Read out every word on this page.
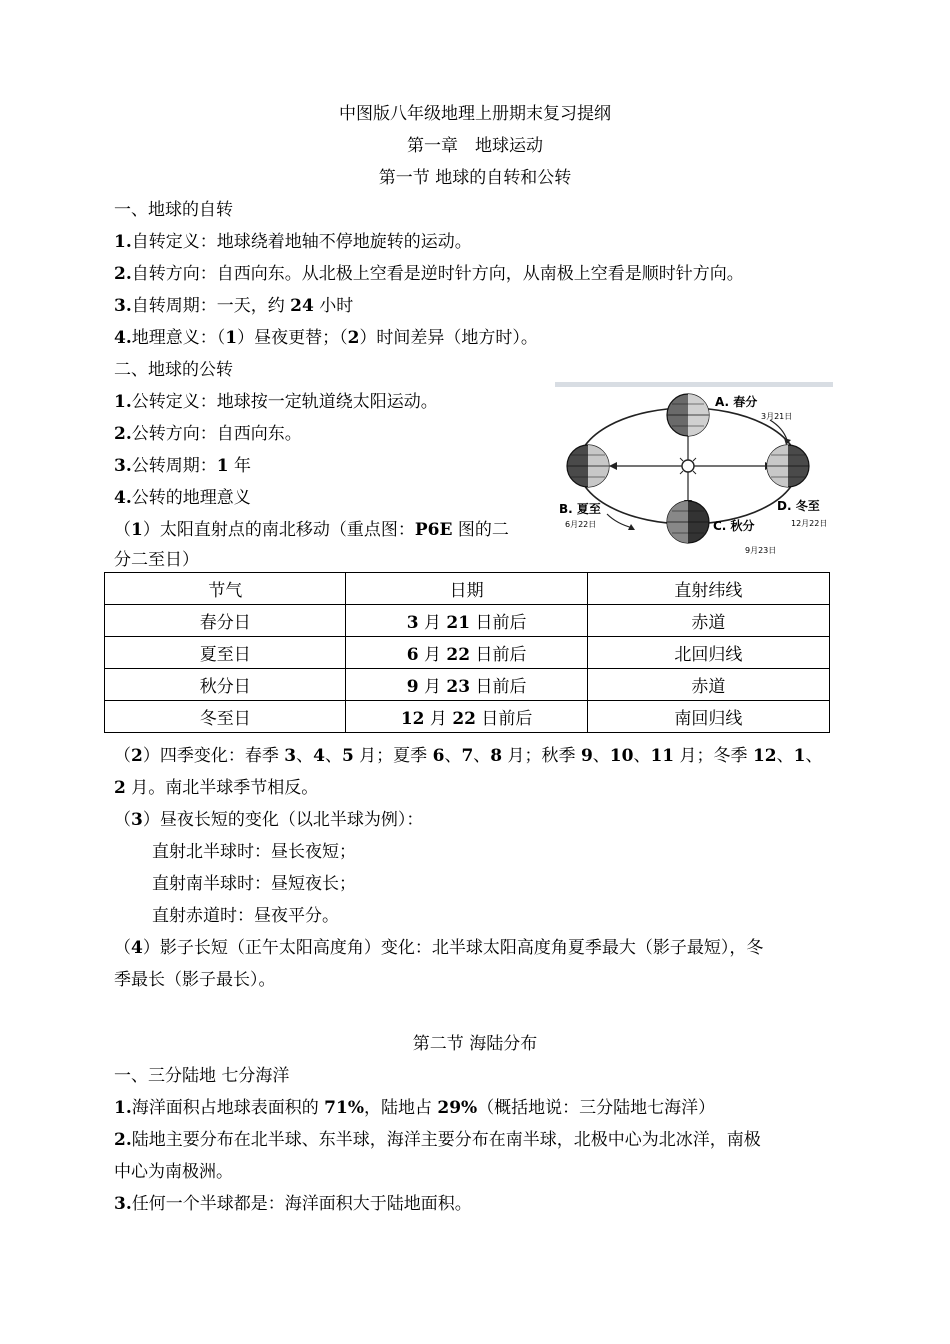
中图版八年级地理上册期末复习提纲
第一章　地球运动
第一节 地球的自转和公转
一、地球的自转
1.自转定义：地球绕着地轴不停地旋转的运动。
2.自转方向：自西向东。从北极上空看是逆时针方向，从南极上空看是顺时针方向。
3.自转周期：一天，约 24 小时
4.地理意义：（1）昼夜更替；（2）时间差异（地方时）。
二、地球的公转
1.公转定义：地球按一定轨道绕太阳运动。
2.公转方向：自西向东。
3.公转周期：1 年
4.公转的地理意义
（1）太阳直射点的南北移动（重点图：P6E 图的二
分二至日）
A. 春分
3月21日
B. 夏至
6月22日	C. 秋分
9月23日
D. 冬至
12月22日
节气	日期	直射纬线
春分日	3 月 21 日前后	赤道
夏至日	6 月 22 日前后	北回归线
秋分日	9 月 23 日前后	赤道
冬至日	12 月 22 日前后	南回归线
（2）四季变化：春季 3、4、5 月；夏季 6、7、8 月；秋季 9、10、11 月；冬季 12、1、
2 月。南北半球季节相反。
（3）昼夜长短的变化（以北半球为例）：
直射北半球时：昼长夜短；
直射南半球时：昼短夜长；
直射赤道时：昼夜平分。
（4）影子长短（正午太阳高度角）变化：北半球太阳高度角夏季最大（影子最短），冬
季最长（影子最长）。
第二节 海陆分布
一、三分陆地 七分海洋
1.海洋面积占地球表面积的 71%，陆地占 29%（概括地说：三分陆地七海洋）
2.陆地主要分布在北半球、东半球，海洋主要分布在南半球，北极中心为北冰洋，南极
中心为南极洲。
3.任何一个半球都是：海洋面积大于陆地面积。
